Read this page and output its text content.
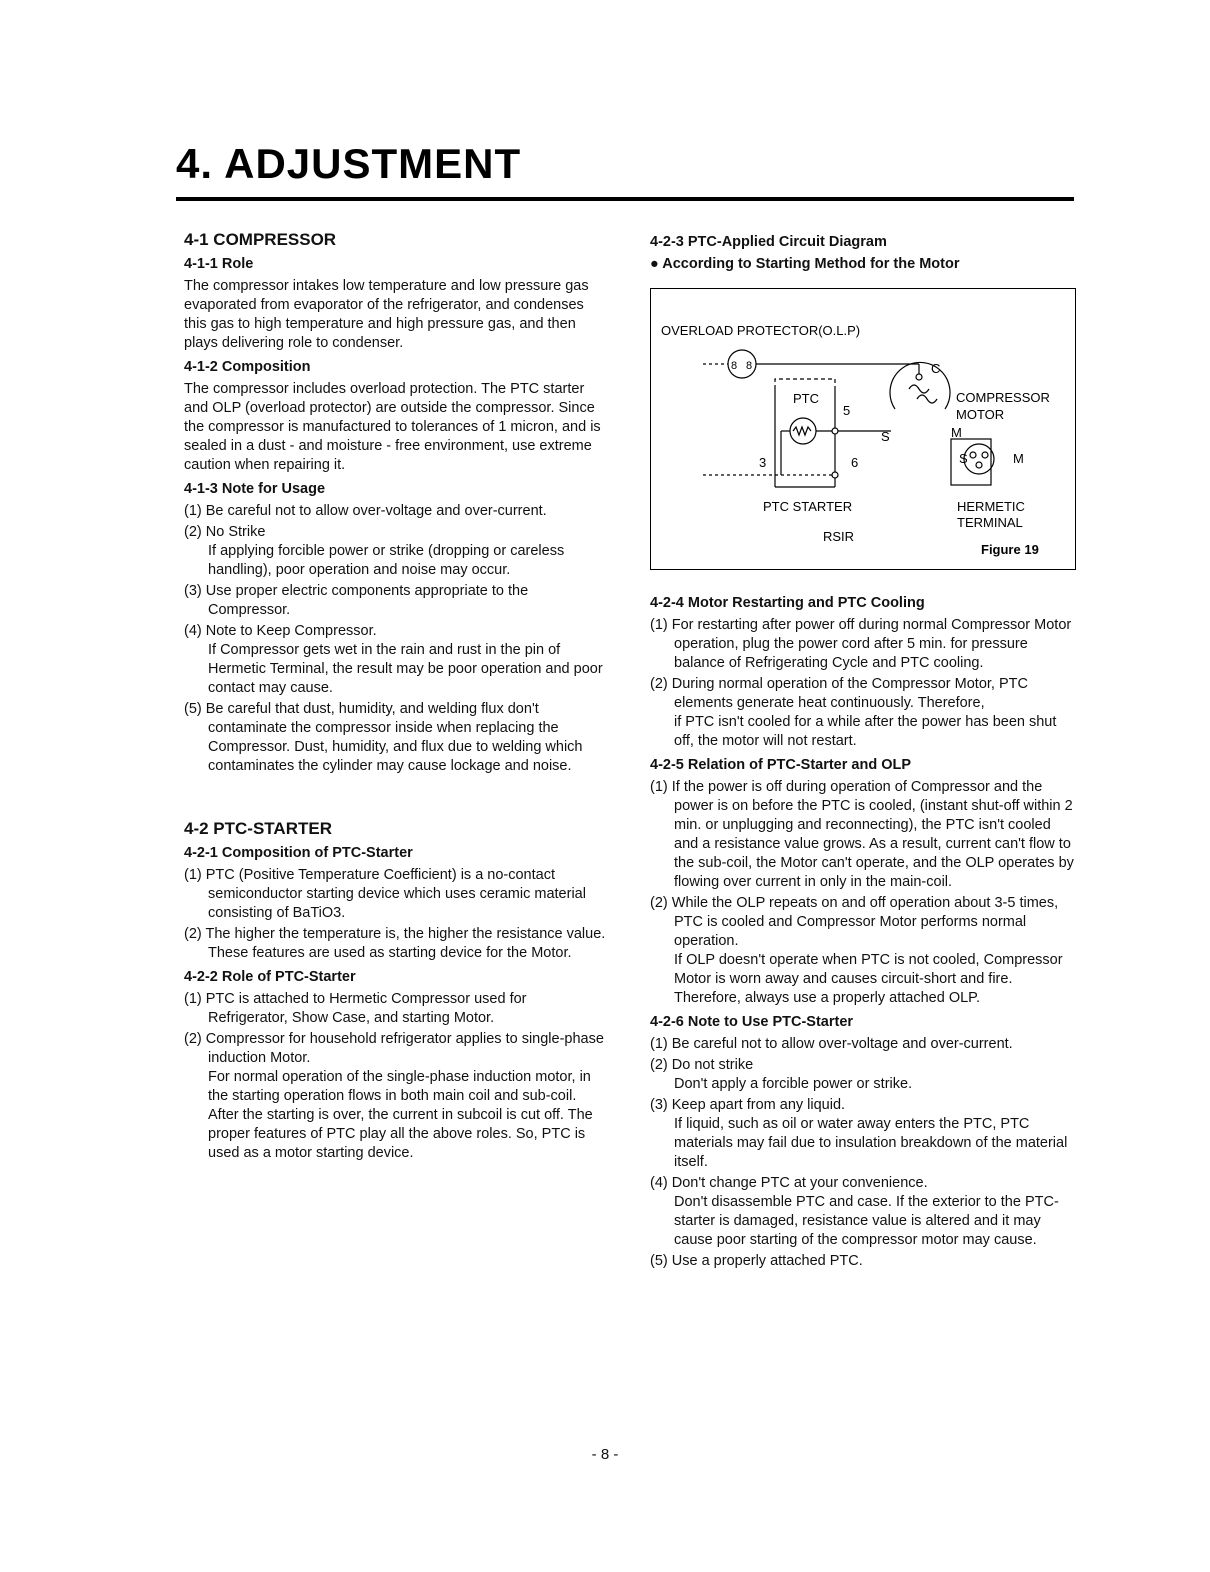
4. ADJUSTMENT
4-1 COMPRESSOR
4-1-1 Role

The compressor intakes low temperature and low pressure gas evaporated from evaporator of the refrigerator, and condenses this gas to high temperature and high pressure gas, and then plays delivering role to condenser.

4-1-2 Composition

The compressor includes overload protection. The PTC starter and OLP (overload protector) are outside the compressor. Since the compressor is manufactured to tolerances of 1 micron, and is sealed in a dust - and moisture - free environment, use extreme caution when repairing it.

4-1-3 Note for Usage
(1) Be careful not to allow over-voltage and over-current.
(2) No Strike
If applying forcible power or strike (dropping or careless handling), poor operation and noise may occur.
(3) Use proper electric components appropriate to the Compressor.
(4) Note to Keep Compressor.
If Compressor gets wet in the rain and rust in the pin of Hermetic Terminal, the result may be poor operation and poor contact may cause.
(5) Be careful that dust, humidity, and welding flux don't contaminate the compressor inside when replacing the Compressor. Dust, humidity, and flux due to welding which contaminates the cylinder may cause lockage and noise.
4-2 PTC-STARTER
4-2-1 Composition of PTC-Starter
(1) PTC (Positive Temperature Coefficient) is a no-contact semiconductor starting device which uses ceramic material consisting of BaTiO3.
(2) The higher the temperature is, the higher the resistance value. These features are used as starting device for the Motor.
4-2-2 Role of PTC-Starter
(1) PTC is attached to Hermetic Compressor used for Refrigerator, Show Case, and starting Motor.
(2) Compressor for household refrigerator applies to single-phase induction Motor.
For normal operation of the single-phase induction motor, in the starting operation flows in both main coil and sub-coil. After the starting is over, the current in subcoil is cut off. The proper features of PTC play all the above roles. So, PTC is used as a motor starting device.
4-2-3 PTC-Applied Circuit Diagram
● According to Starting Method for the Motor
OVERLOAD PROTECTOR(O.L.P)
8 8	C
COMPRESSOR
MOTOR
S	M
PTC
5
3	6
PTC STARTER
RSIR
S	M
HERMETIC
TERMINAL
Figure 19
4-2-4 Motor Restarting and PTC Cooling
(1) For restarting after power off during normal Compressor Motor operation, plug the power cord after 5 min. for pressure balance of Refrigerating Cycle and PTC cooling.
(2) During normal operation of the Compressor Motor, PTC elements generate heat continuously. Therefore,
if PTC isn't cooled for a while after the power has been shut off, the motor will not restart.
4-2-5 Relation of PTC-Starter and OLP
(1) If the power is off during operation of Compressor and the power is on before the PTC is cooled, (instant shut-off within 2 min. or unplugging and reconnecting), the PTC isn't cooled and a resistance value grows. As a result, current can't flow to the sub-coil, the Motor can't operate, and the OLP operates by flowing over current in only in the main-coil.
(2) While the OLP repeats on and off operation about 3-5 times, PTC is cooled and Compressor Motor performs normal operation.
If OLP doesn't operate when PTC is not cooled, Compressor Motor is worn away and causes circuit-short and fire. Therefore, always use a properly attached OLP.
4-2-6 Note to Use PTC-Starter
(1) Be careful not to allow over-voltage and over-current.
(2) Do not strike
Don't apply a forcible power or strike.
(3) Keep apart from any liquid.
If liquid, such as oil or water away enters the PTC, PTC materials may fail due to insulation breakdown of the material itself.
(4) Don't change PTC at your convenience.
Don't disassemble PTC and case. If the exterior to the PTC-starter is damaged, resistance value is altered and it may cause poor starting of the compressor motor may cause.
(5) Use a properly attached PTC.
- 8 -
